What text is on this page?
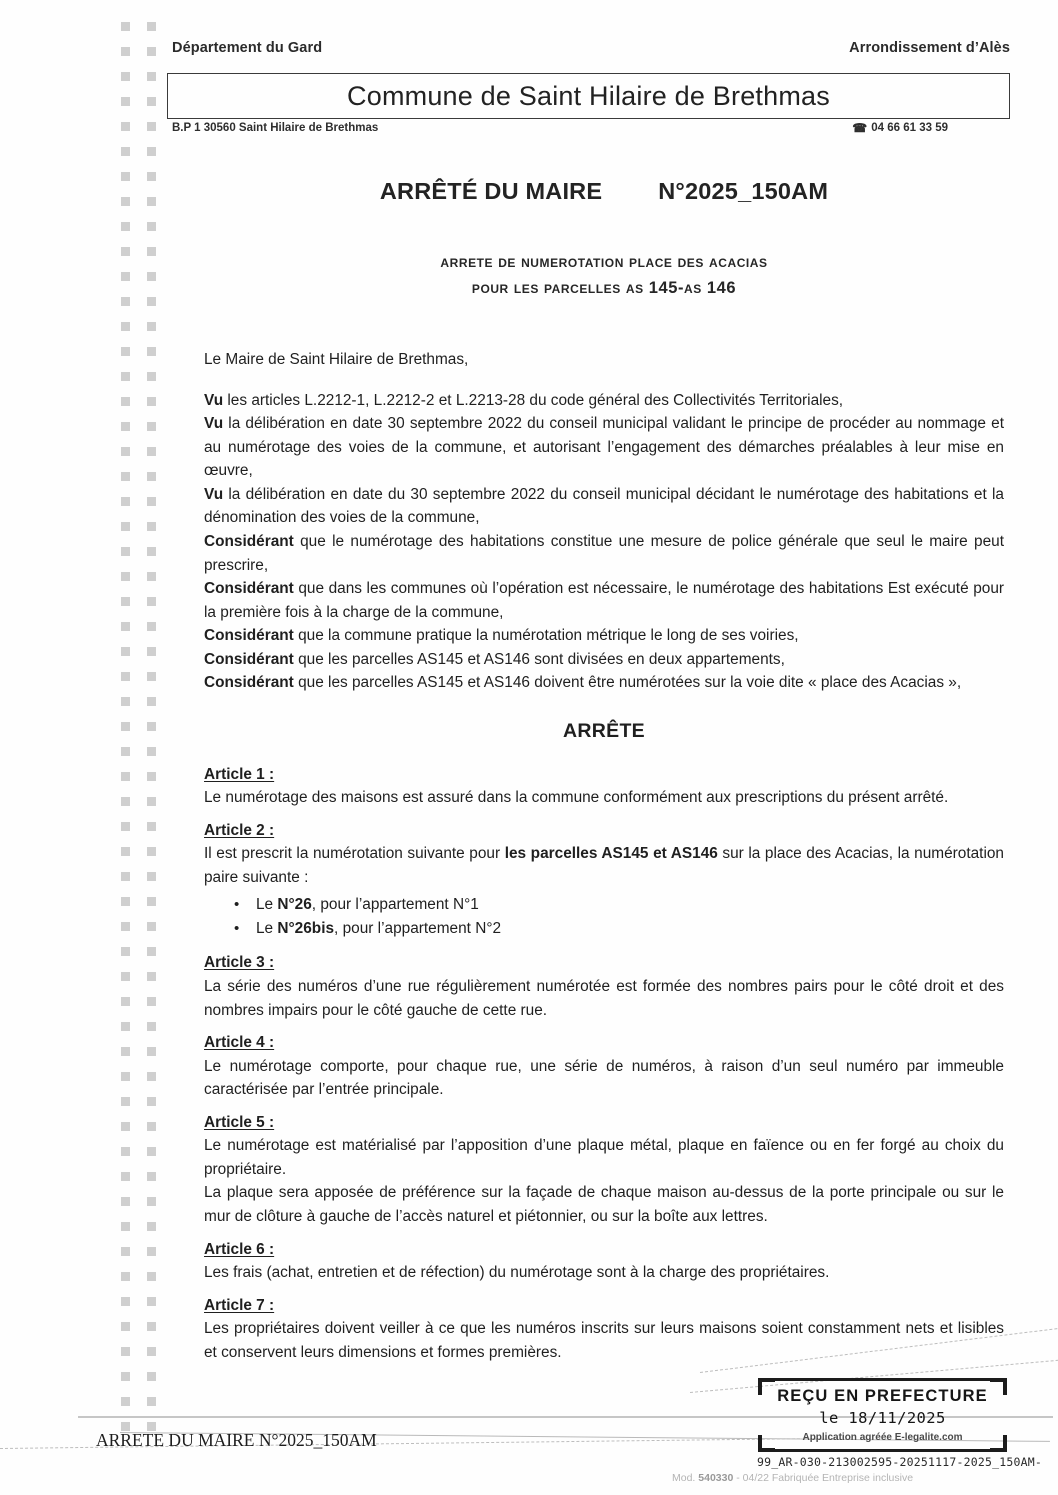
Département du Gard	Arrondissement d’Alès
Commune de Saint Hilaire de Brethmas
B.P 1 30560 Saint Hilaire de Brethmas	☎ 04 66 61 33 59
ARRÊTÉ DU MAIRE N°2025_150AM
arrete de numerotation place des acacias
pour les parcelles as 145-as 146

Le Maire de Saint Hilaire de Brethmas,

Vu les articles L.2212-1, L.2212-2 et L.2213-28 du code général des Collectivités Territoriales,

Vu la délibération en date 30 septembre 2022 du conseil municipal validant le principe de procéder au nommage et au numérotage des voies de la commune, et autorisant l’engagement des démarches préalables à leur mise en œuvre,

Vu la délibération en date du 30 septembre 2022 du conseil municipal décidant le numérotage des habitations et la dénomination des voies de la commune,

Considérant que le numérotage des habitations constitue une mesure de police générale que seul le maire peut prescrire,

Considérant que dans les communes où l’opération est nécessaire, le numérotage des habitations Est exécuté pour la première fois à la charge de la commune,

Considérant que la commune pratique la numérotation métrique le long de ses voiries,

Considérant que les parcelles AS145 et AS146 sont divisées en deux appartements,

Considérant que les parcelles AS145 et AS146 doivent être numérotées sur la voie dite « place des Acacias »,

ARRÊTE
Article 1 :

Le numérotage des maisons est assuré dans la commune conformément aux prescriptions du présent arrêté.

Article 2 :

Il est prescrit la numérotation suivante pour les parcelles AS145 et AS146 sur la place des Acacias, la numérotation paire suivante :

• Le N°26, pour l’appartement N°1
• Le N°26bis, pour l’appartement N°2
Article 3 :

La série des numéros d’une rue régulièrement numérotée est formée des nombres pairs pour le côté droit et des nombres impairs pour le côté gauche de cette rue.

Article 4 :

Le numérotage comporte, pour chaque rue, une série de numéros, à raison d’un seul numéro par immeuble caractérisée par l’entrée principale.

Article 5 :

Le numérotage est matérialisé par l’apposition d’une plaque métal, plaque en faïence ou en fer forgé au choix du propriétaire.

La plaque sera apposée de préférence sur la façade de chaque maison au-dessus de la porte principale ou sur le mur de clôture à gauche de l’accès naturel et piétonnier, ou sur la boîte aux lettres.

Article 6 :

Les frais (achat, entretien et de réfection) du numérotage sont à la charge des propriétaires.

Article 7 :

Les propriétaires doivent veiller à ce que les numéros inscrits sur leurs maisons soient constamment nets et lisibles et conservent leurs dimensions et formes premières.

ARRETE DU MAIRE N°2025_150AM
REÇU EN PREFECTURE
le 18/11/2025
Application agréée E-legalite.com
99_AR-030-213002595-20251117-2025_150AM-
Mod. 540330 - 04/22 Fabriquée Entreprise inclusive
